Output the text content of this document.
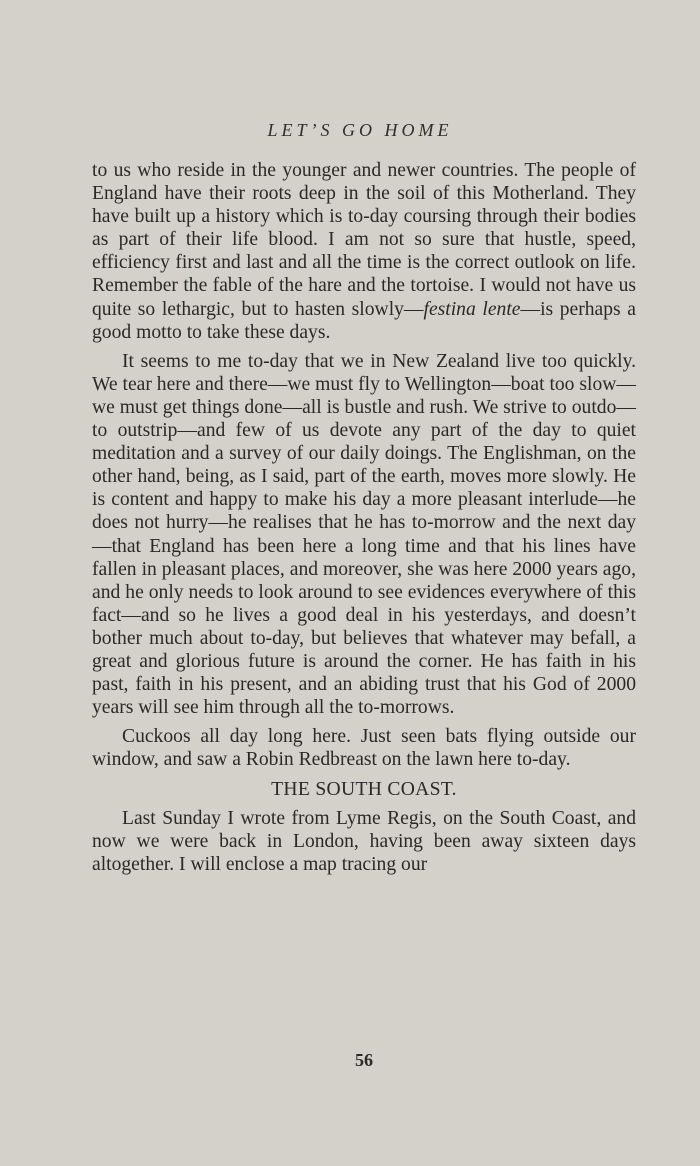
LET’S GO HOME

to us who reside in the younger and newer countries. The people of England have their roots deep in the soil of this Motherland. They have built up a history which is to-day coursing through their bodies as part of their life blood. I am not so sure that hustle, speed, efficiency first and last and all the time is the correct outlook on life. Remember the fable of the hare and the tortoise. I would not have us quite so lethargic, but to hasten slowly—festina lente—is perhaps a good motto to take these days.

It seems to me to-day that we in New Zealand live too quickly. We tear here and there—we must fly to Wellington—boat too slow—we must get things done—all is bustle and rush. We strive to outdo—to outstrip—and few of us devote any part of the day to quiet meditation and a survey of our daily doings. The Englishman, on the other hand, being, as I said, part of the earth, moves more slowly. He is content and happy to make his day a more pleasant interlude—he does not hurry—he realises that he has to-morrow and the next day—that England has been here a long time and that his lines have fallen in pleasant places, and moreover, she was here 2000 years ago, and he only needs to look around to see evidences everywhere of this fact—and so he lives a good deal in his yesterdays, and doesn’t bother much about to-day, but believes that whatever may befall, a great and glorious future is around the corner. He has faith in his past, faith in his present, and an abiding trust that his God of 2000 years will see him through all the to-morrows.

Cuckoos all day long here. Just seen bats flying outside our window, and saw a Robin Redbreast on the lawn here to-day.

THE SOUTH COAST.

Last Sunday I wrote from Lyme Regis, on the South Coast, and now we were back in London, having been away sixteen days altogether. I will enclose a map tracing our

56
